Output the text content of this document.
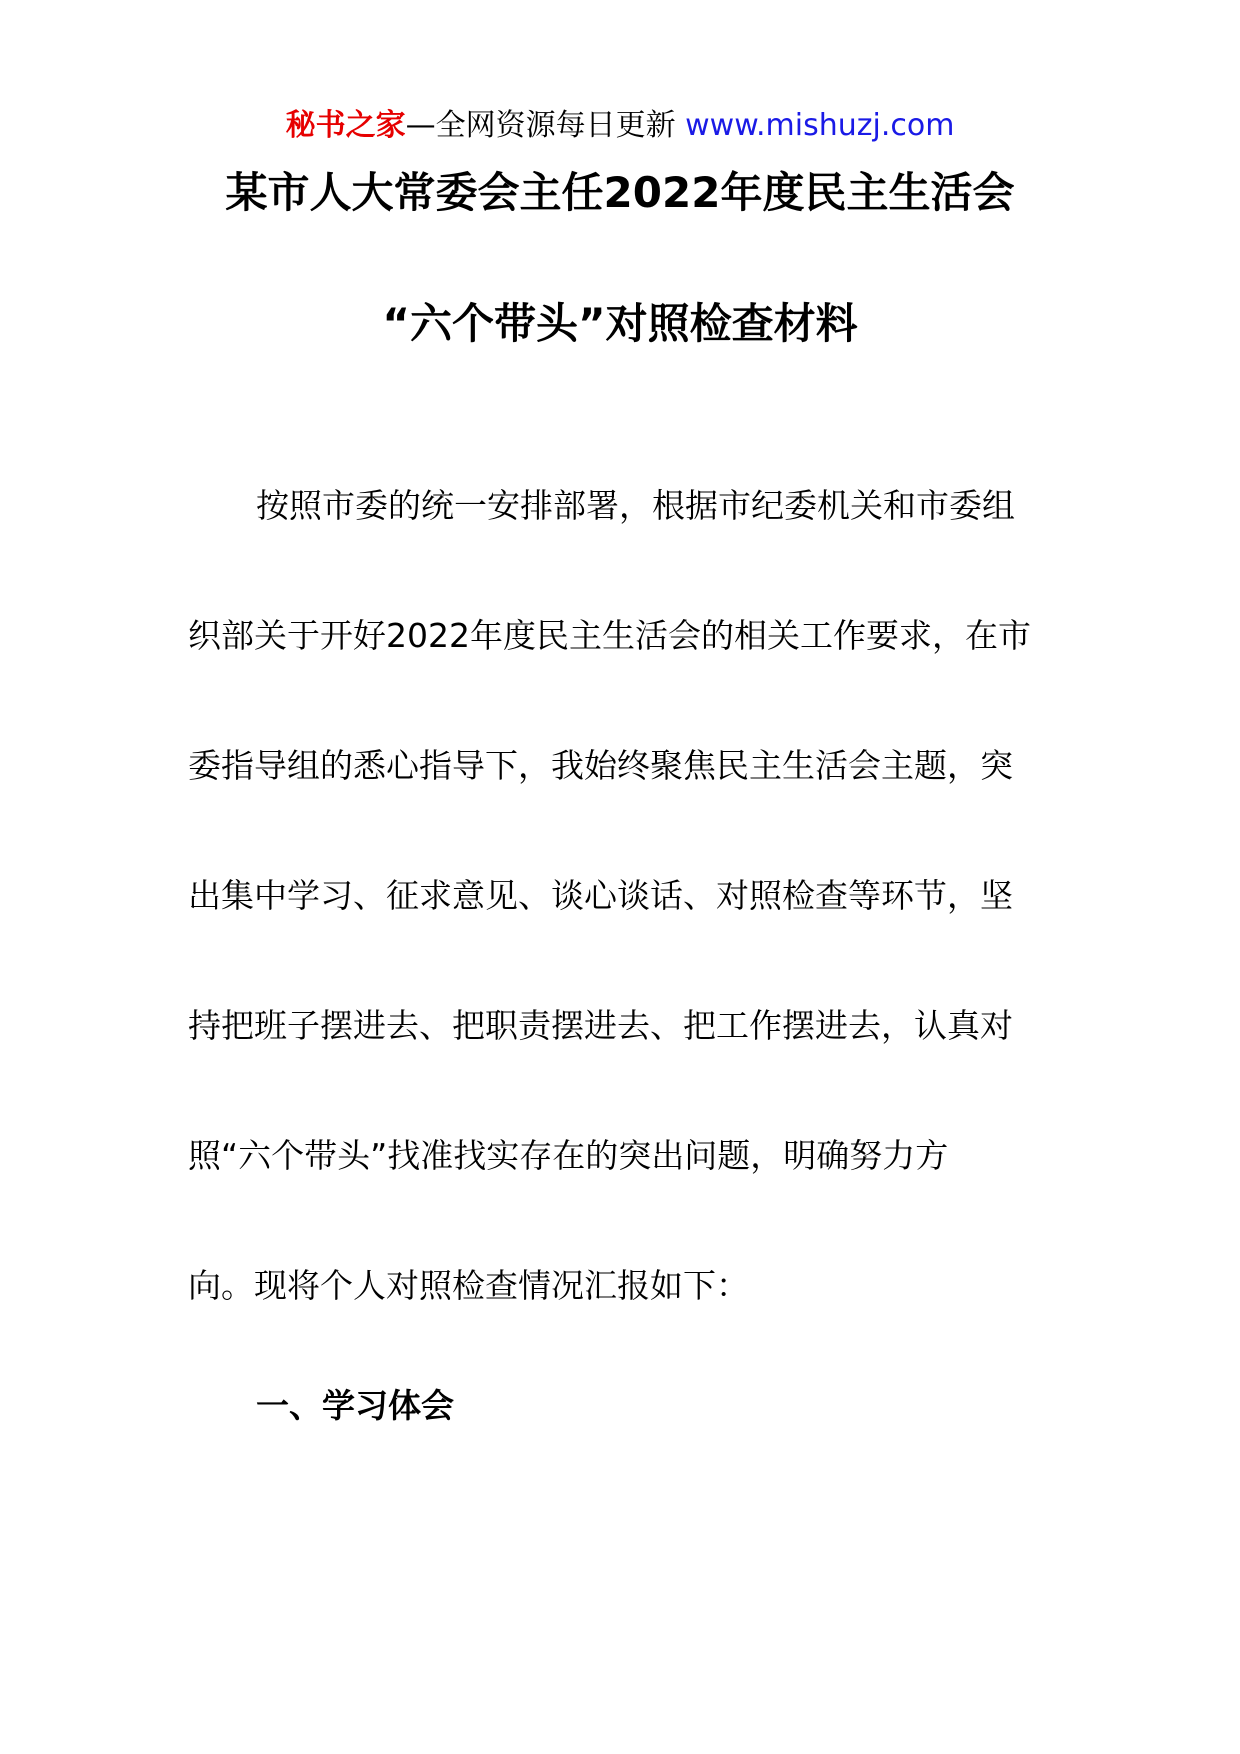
秘书之家—全网资源每日更新 www.mishuzj.com
某市人大常委会主任2022年度民主生活会
“六个带头”对照检查材料
按照市委的统一安排部署，根据市纪委机关和市委组
织部关于开好2022年度民主生活会的相关工作要求，在市
委指导组的悉心指导下，我始终聚焦民主生活会主题，突
出集中学习、征求意见、谈心谈话、对照检查等环节，坚
持把班子摆进去、把职责摆进去、把工作摆进去，认真对
照“六个带头”找准找实存在的突出问题，明确努力方
向。现将个人对照检查情况汇报如下：
一、学习体会
